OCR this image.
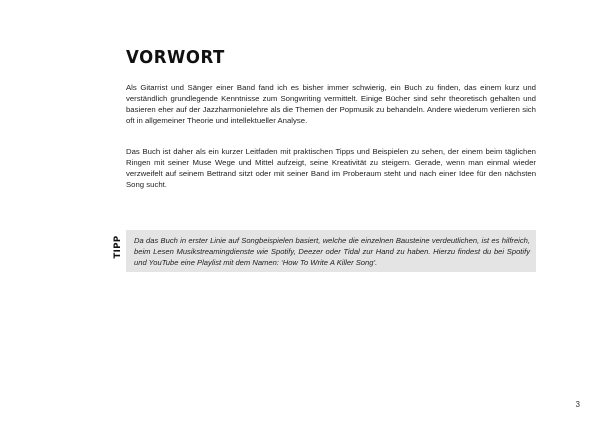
VORWORT

Als Gitarrist und Sänger einer Band fand ich es bisher immer schwierig, ein Buch zu finden, das einem kurz und verständlich grundlegende Kenntnisse zum Songwriting vermittelt. Einige Bücher sind sehr theoretisch gehalten und basieren eher auf der Jazzharmonielehre als die Themen der Popmusik zu behandeln. Andere wiederum verlieren sich oft in allgemeiner Theorie und intellektueller Analyse.

Das Buch ist daher als ein kurzer Leitfaden mit praktischen Tipps und Beispielen zu sehen, der einem beim täglichen Ringen mit seiner Muse Wege und Mittel aufzeigt, seine Kreativität zu steigern. Gerade, wenn man einmal wieder verzweifelt auf seinem Bettrand sitzt oder mit seiner Band im Proberaum steht und nach einer Idee für den nächsten Song sucht.

TIPP Da das Buch in erster Linie auf Songbeispielen basiert, welche die einzelnen Bausteine verdeutlichen, ist es hilfreich, beim Lesen Musikstreamingdienste wie Spotify, Deezer oder Tidal zur Hand zu haben. Hierzu findest du bei Spotify und YouTube eine Playlist mit dem Namen: ‘How To Write A Killer Song’.

3
